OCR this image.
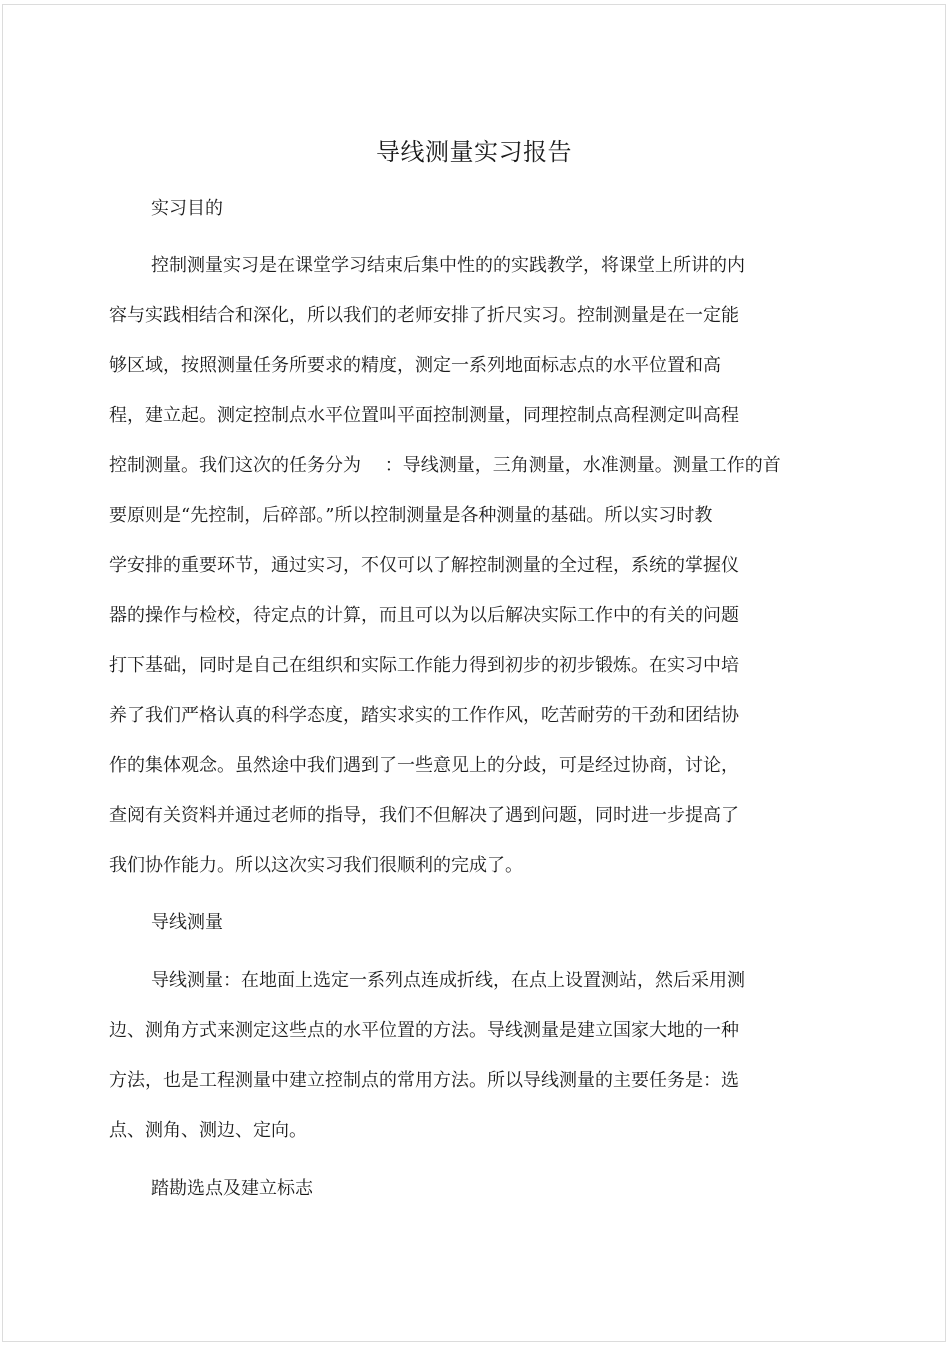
导线测量实习报告
实习目的
控制测量实习是在课堂学习结束后集中性的的实践教学，将课堂上所讲的内
容与实践相结合和深化，所以我们的老师安排了折尺实习。控制测量是在一定能
够区域，按照测量任务所要求的精度，测定一系列地面标志点的水平位置和高
程，建立起。测定控制点水平位置叫平面控制测量，同理控制点高程测定叫高程
控制测量。我们这次的任务分为　 ：导线测量，三角测量，水准测量。测量工作的首
要原则是“先控制，后碎部。”所以控制测量是各种测量的基础。所以实习时教
学安排的重要环节，通过实习，不仅可以了解控制测量的全过程，系统的掌握仪
器的操作与检校，待定点的计算，而且可以为以后解决实际工作中的有关的问题
打下基础，同时是自己在组织和实际工作能力得到初步的初步锻炼。在实习中培
养了我们严格认真的科学态度，踏实求实的工作作风，吃苦耐劳的干劲和团结协
作的集体观念。虽然途中我们遇到了一些意见上的分歧，可是经过协商，讨论，
查阅有关资料并通过老师的指导，我们不但解决了遇到问题，同时进一步提高了
我们协作能力。所以这次实习我们很顺利的完成了。
导线测量
导线测量：在地面上选定一系列点连成折线，在点上设置测站，然后采用测
边、测角方式来测定这些点的水平位置的方法。导线测量是建立国家大地的一种
方法，也是工程测量中建立控制点的常用方法。所以导线测量的主要任务是：选
点、测角、测边、定向。
踏勘选点及建立标志
